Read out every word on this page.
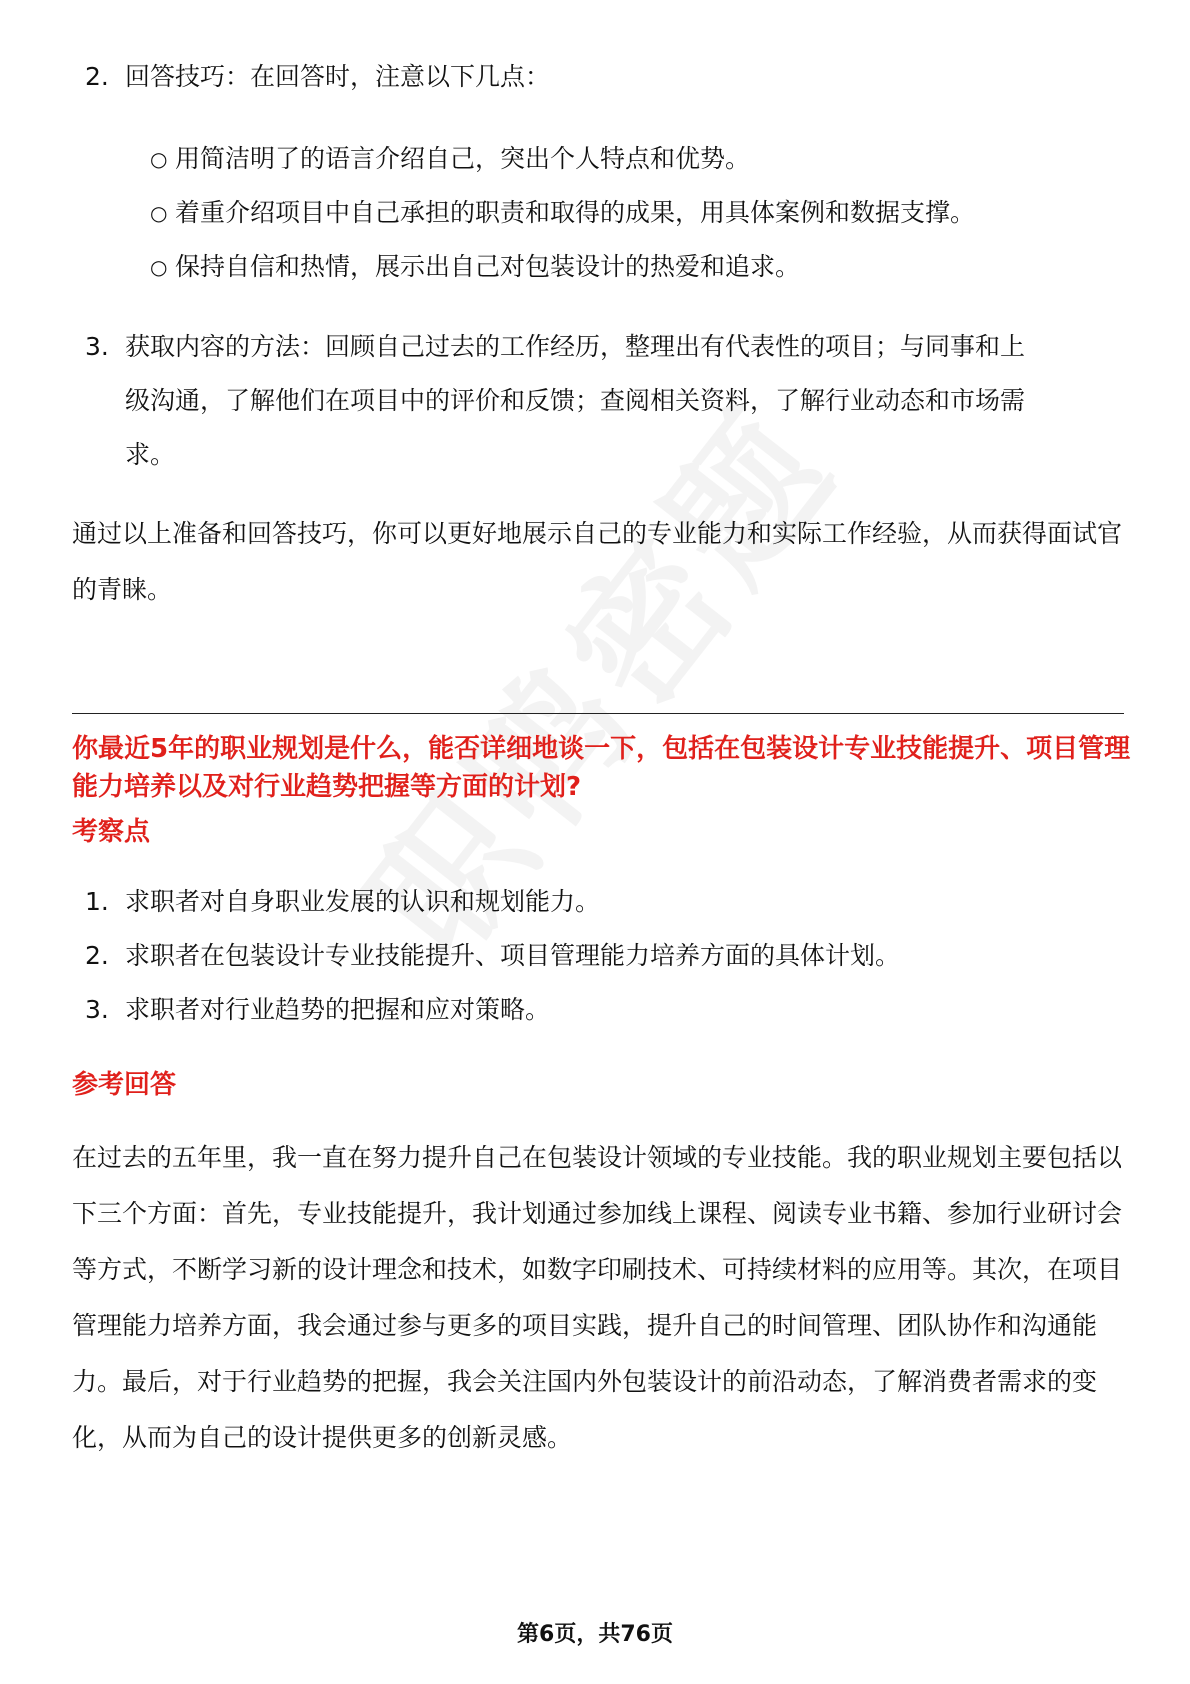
2. 回答技巧：在回答时，注意以下几点：
○ 用简洁明了的语言介绍自己，突出个人特点和优势。
○ 着重介绍项目中自己承担的职责和取得的成果，用具体案例和数据支撑。
○ 保持自信和热情，展示出自己对包装设计的热爱和追求。
3. 获取内容的方法：回顾自己过去的工作经历，整理出有代表性的项目；与同事和上级沟通，了解他们在项目中的评价和反馈；查阅相关资料，了解行业动态和市场需求。
通过以上准备和回答技巧，你可以更好地展示自己的专业能力和实际工作经验，从而获得面试官的青睐。
你最近5年的职业规划是什么，能否详细地谈一下，包括在包装设计专业技能提升、项目管理能力培养以及对行业趋势把握等方面的计划?
考察点
1. 求职者对自身职业发展的认识和规划能力。
2. 求职者在包装设计专业技能提升、项目管理能力培养方面的具体计划。
3. 求职者对行业趋势的把握和应对策略。
参考回答
在过去的五年里，我一直在努力提升自己在包装设计领域的专业技能。我的职业规划主要包括以下三个方面：首先，专业技能提升，我计划通过参加线上课程、阅读专业书籍、参加行业研讨会等方式，不断学习新的设计理念和技术，如数字印刷技术、可持续材料的应用等。其次，在项目管理能力培养方面，我会通过参与更多的项目实践，提升自己的时间管理、团队协作和沟通能力。最后，对于行业趋势的把握，我会关注国内外包装设计的前沿动态，了解消费者需求的变化，从而为自己的设计提供更多的创新灵感。
第6页，共76页
